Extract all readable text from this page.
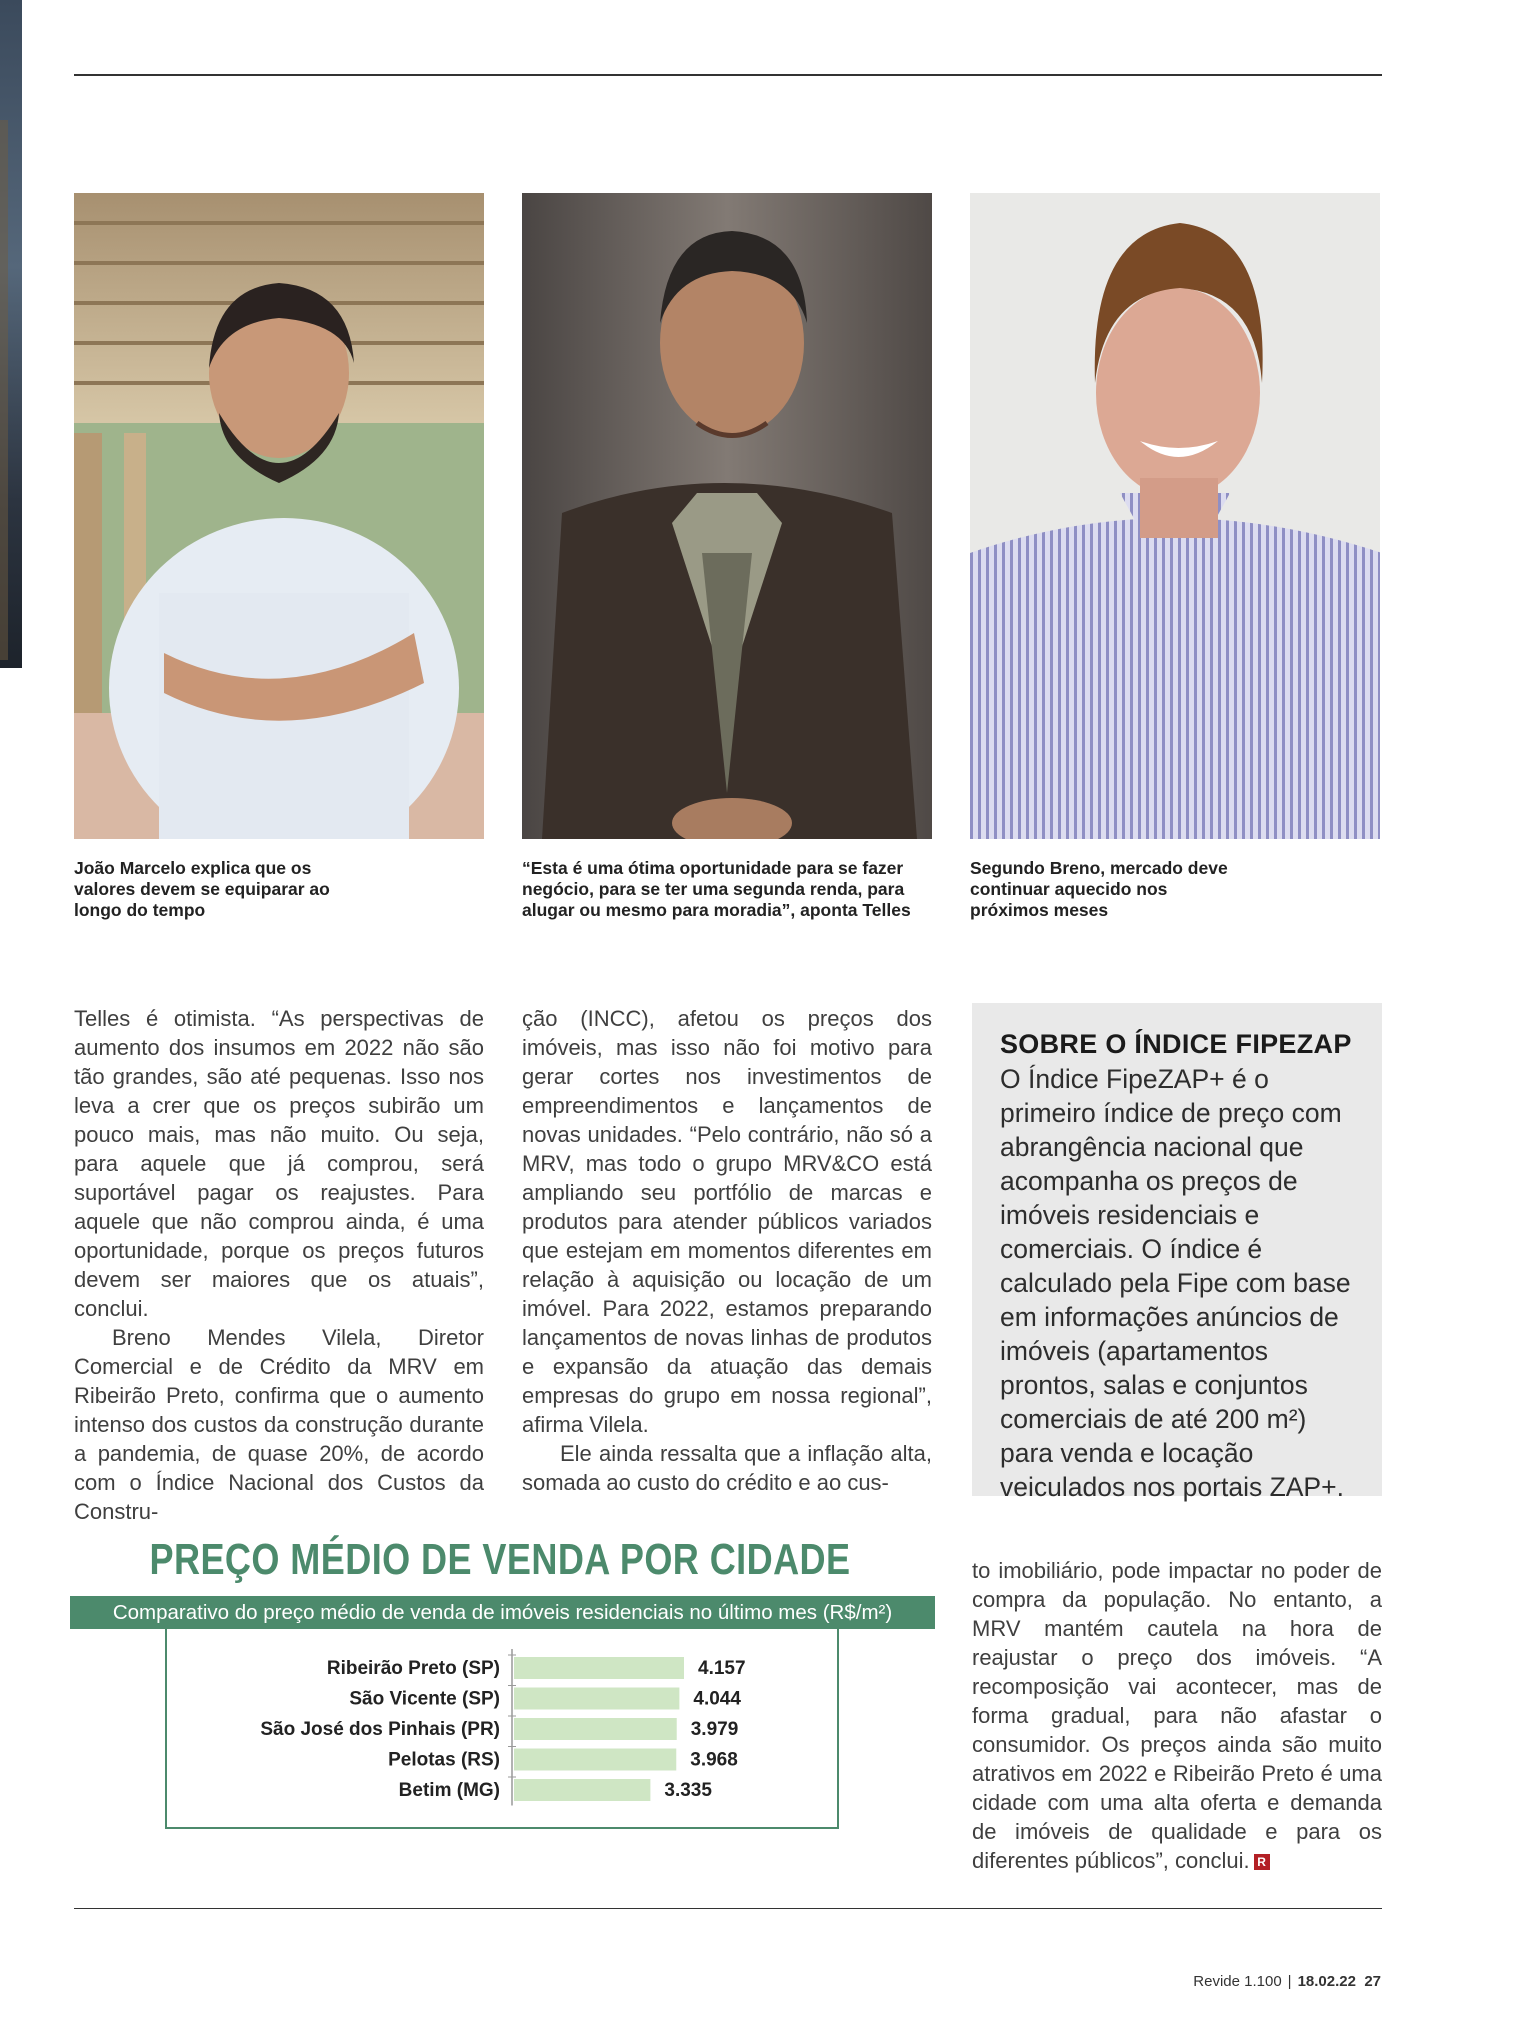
João Marcelo explica que os valores devem se equiparar ao longo do tempo
“Esta é uma ótima oportunidade para se fazer negócio, para se ter uma segunda renda, para alugar ou mesmo para moradia”, aponta Telles
Segundo Breno, mercado deve continuar aquecido nos próximos meses

Telles é otimista. “As perspectivas de aumento dos insumos em 2022 não são tão grandes, são até pequenas. Isso nos leva a crer que os preços subirão um pouco mais, mas não muito. Ou seja, para aquele que já comprou, será suportável pagar os reajustes. Para aquele que não comprou ainda, é uma oportunidade, porque os preços futuros devem ser maiores que os atuais”, conclui.

Breno Mendes Vilela, Diretor Comercial e de Crédito da MRV em Ribeirão Preto, confirma que o aumento intenso dos custos da construção durante a pandemia, de quase 20%, de acordo com o Índice Nacional dos Custos da Constru-

ção (INCC), afetou os preços dos imóveis, mas isso não foi motivo para gerar cortes nos investimentos de empreendimentos e lançamentos de novas unidades. “Pelo contrário, não só a MRV, mas todo o grupo MRV&CO está ampliando seu portfólio de marcas e produtos para atender públicos variados que estejam em momentos diferentes em relação à aquisição ou locação de um imóvel. Para 2022, estamos preparando lançamentos de novas linhas de produtos e expansão da atuação das demais empresas do grupo em nossa regional”, afirma Vilela.

Ele ainda ressalta que a inflação alta, somada ao custo do crédito e ao cus-

SOBRE O ÍNDICE FIPEZAP
O Índice FipeZAP+ é o primeiro índice de preço com abrangência nacional que acompanha os preços de imóveis residenciais e comerciais. O índice é calculado pela Fipe com base em informações anúncios de imóveis (apartamentos prontos, salas e conjuntos comerciais de até 200 m²) para venda e locação veiculados nos portais ZAP+.
PREÇO MÉDIO DE VENDA POR CIDADE
Comparativo do preço médio de venda de imóveis residenciais no último mes (R$/m²)
Ribeirão Preto (SP)	4.157
São Vicente (SP)	4.044
São José dos Pinhais (PR)	3.979
Pelotas (RS)	3.968
Betim (MG)	3.335

to imobiliário, pode impactar no poder de compra da população. No entanto, a MRV mantém cautela na hora de reajustar o preço dos imóveis. “A recomposição vai acontecer, mas de forma gradual, para não afastar o consumidor. Os preços ainda são muito atrativos em 2022 e Ribeirão Preto é uma cidade com uma alta oferta e demanda de imóveis de qualidade e para os diferentes públicos”, conclui. R

Revide 1.100 | 18.02.22 27
